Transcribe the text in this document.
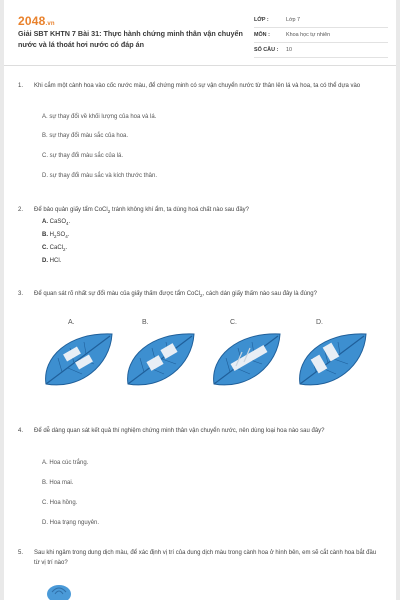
2048.vn
Giải SBT KHTN 7 Bài 31: Thực hành chứng minh thân vận chuyển nước và lá thoát hơi nước có đáp án
LỚP :	Lớp 7
MÔN :	Khoa học tự nhiên
SỐ CÂU : 10
1. Khi cắm một cành hoa vào cốc nước màu, để chứng minh có sự vận chuyển nước từ thân lên lá và hoa, ta có thể dựa vào
A. sự thay đổi về khối lượng của hoa và lá.
B. sự thay đổi màu sắc của hoa.
C. sự thay đổi màu sắc của lá.
D. sự thay đổi màu sắc và kích thước thân.
2. Để bảo quản giấy tẩm CoCl$_2$ tránh không khí ẩm, ta dùng hoá chất nào sau đây?
A. CaSO$_4$.
B. $H_2SO_4$.
C. CaCl$_2$.
D. HCl.
3. Để quan sát rõ nhất sự đổi màu của giấy thấm được tẩm CoCl$_2$, cách dán giấy thấm nào sau đây là đúng?
A.	B.	C.	D.
4. Để dễ dàng quan sát kết quả thí nghiệm chứng minh thân vận chuyển nước, nên dùng loại hoa nào sau đây?
A. Hoa cúc trắng.
B. Hoa mai.
C. Hoa hồng.
D. Hoa trạng nguyên.
5. Sau khi ngâm trong dung dịch màu, để xác định vị trí của dung dịch màu trong cành hoa ở hình bên, em sẽ cắt cành hoa bắt đầu từ vị trí nào?
